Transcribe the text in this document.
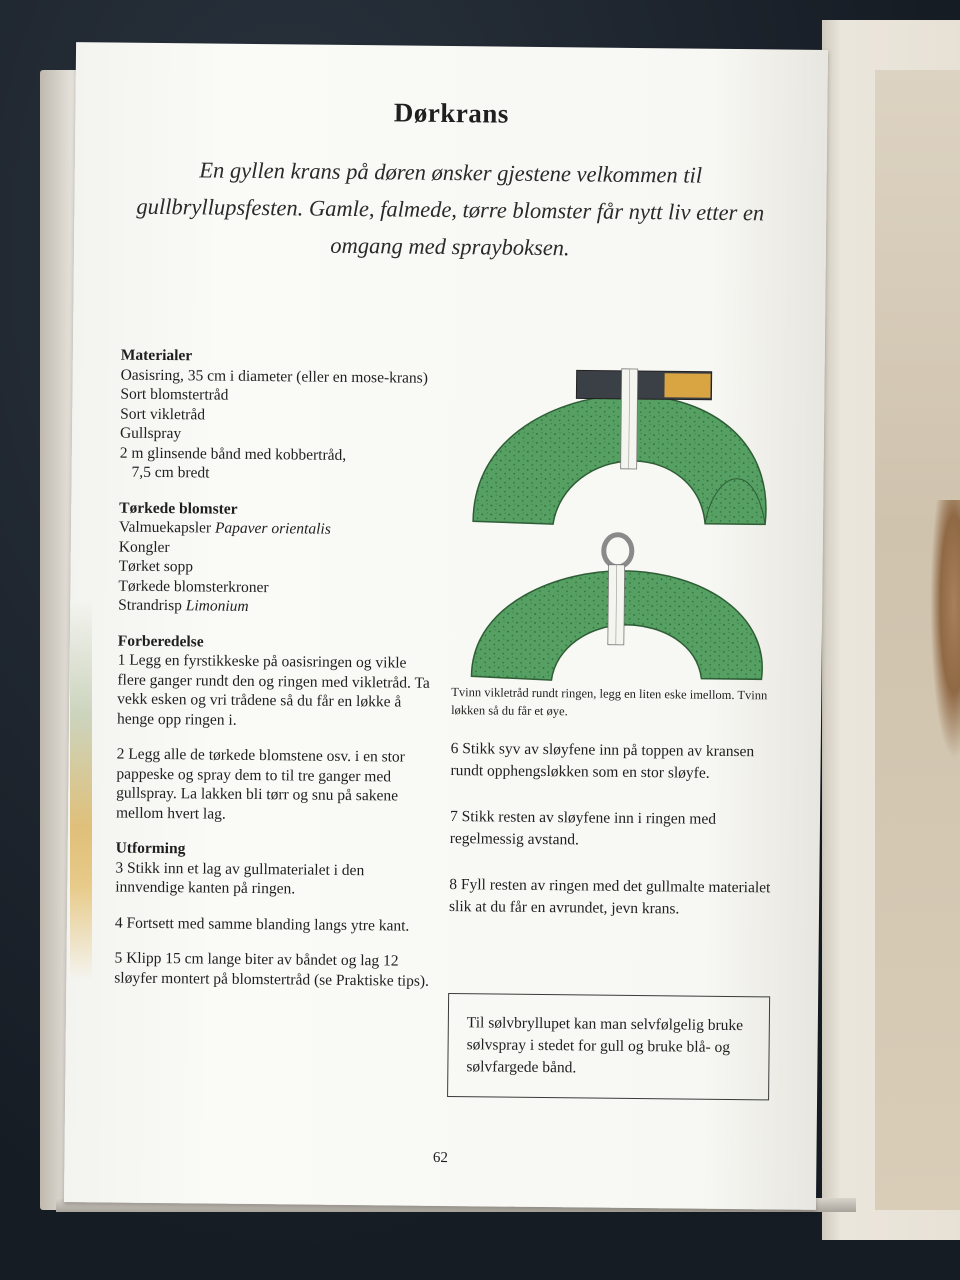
Dørkrans
En gyllen krans på døren ønsker gjestene velkommen til gullbryllupsfesten. Gamle, falmede, tørre blomster får nytt liv etter en omgang med sprayboksen.
Materialer
Oasisring, 35 cm i diameter (eller en mose-krans)
Sort blomstertråd
Sort vikletråd
Gullspray
2 m glinsende bånd med kobbertråd,
7,5 cm bredt
Tørkede blomster
Valmuekapsler Papaver orientalis
Kongler
Tørket sopp
Tørkede blomsterkroner
Strandrisp Limonium
Forberedelse

1 Legg en fyrstikkeske på oasisringen og vikle flere ganger rundt den og ringen med vikletråd. Ta vekk esken og vri trådene så du får en løkke å henge opp ringen i.

2 Legg alle de tørkede blomstene osv. i en stor pappeske og spray dem to til tre ganger med gullspray. La lakken bli tørr og snu på sakene mellom hvert lag.

Utforming

3 Stikk inn et lag av gullmaterialet i den innvendige kanten på ringen.

4 Fortsett med samme blanding langs ytre kant.

5 Klipp 15 cm lange biter av båndet og lag 12 sløyfer montert på blomstertråd (se Praktiske tips).

Tvinn vikletråd rundt ringen, legg en liten eske imellom. Tvinn løkken så du får et øye.

6 Stikk syv av sløyfene inn på toppen av kransen rundt opphengsløkken som en stor sløyfe.

7 Stikk resten av sløyfene inn i ringen med regelmessig avstand.

8 Fyll resten av ringen med det gullmalte materialet slik at du får en avrundet, jevn krans.

Til sølvbryllupet kan man selvfølgelig bruke sølvspray i stedet for gull og bruke blå- og sølvfargede bånd.
62
